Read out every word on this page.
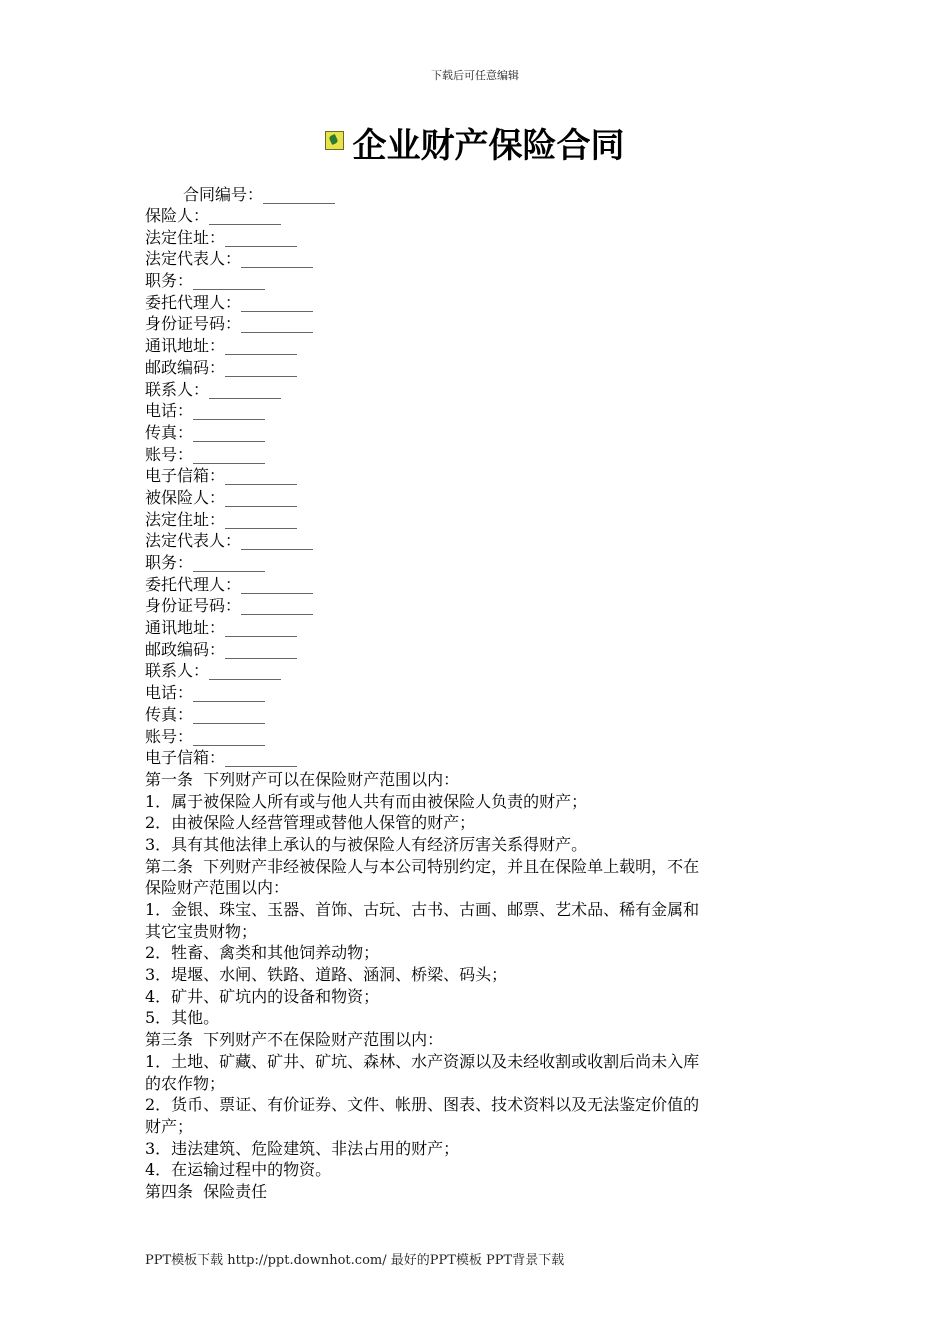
下载后可任意编辑
企业财产保险合同
合同编号：_________
保险人：_________
法定住址：_________
法定代表人：_________
职务：_________
委托代理人：_________
身份证号码：_________
通讯地址：_________
邮政编码：_________
联系人：_________
电话：_________
传真：_________
账号：_________
电子信箱：_________
被保险人：_________
法定住址：_________
法定代表人：_________
职务：_________
委托代理人：_________
身份证号码：_________
通讯地址：_________
邮政编码：_________
联系人：_________
电话：_________
传真：_________
账号：_________
电子信箱：_________
第一条  下列财产可以在保险财产范围以内：
1．属于被保险人所有或与他人共有而由被保险人负责的财产；
2．由被保险人经营管理或替他人保管的财产；
3．具有其他法律上承认的与被保险人有经济厉害关系得财产。
第二条  下列财产非经被保险人与本公司特别约定，并且在保险单上载明，不在
保险财产范围以内：
1．金银、珠宝、玉器、首饰、古玩、古书、古画、邮票、艺术品、稀有金属和
其它宝贵财物；
2．牲畜、禽类和其他饲养动物；
3．堤堰、水闸、铁路、道路、涵洞、桥梁、码头；
4．矿井、矿坑内的设备和物资；
5．其他。
第三条  下列财产不在保险财产范围以内：
1．土地、矿藏、矿井、矿坑、森林、水产资源以及未经收割或收割后尚未入库
的农作物；
2．货币、票证、有价证券、文件、帐册、图表、技术资料以及无法鉴定价值的
财产；
3．违法建筑、危险建筑、非法占用的财产；
4．在运输过程中的物资。
第四条  保险责任
PPT模板下载 http://ppt.downhot.com/ 最好的PPT模板 PPT背景下载
